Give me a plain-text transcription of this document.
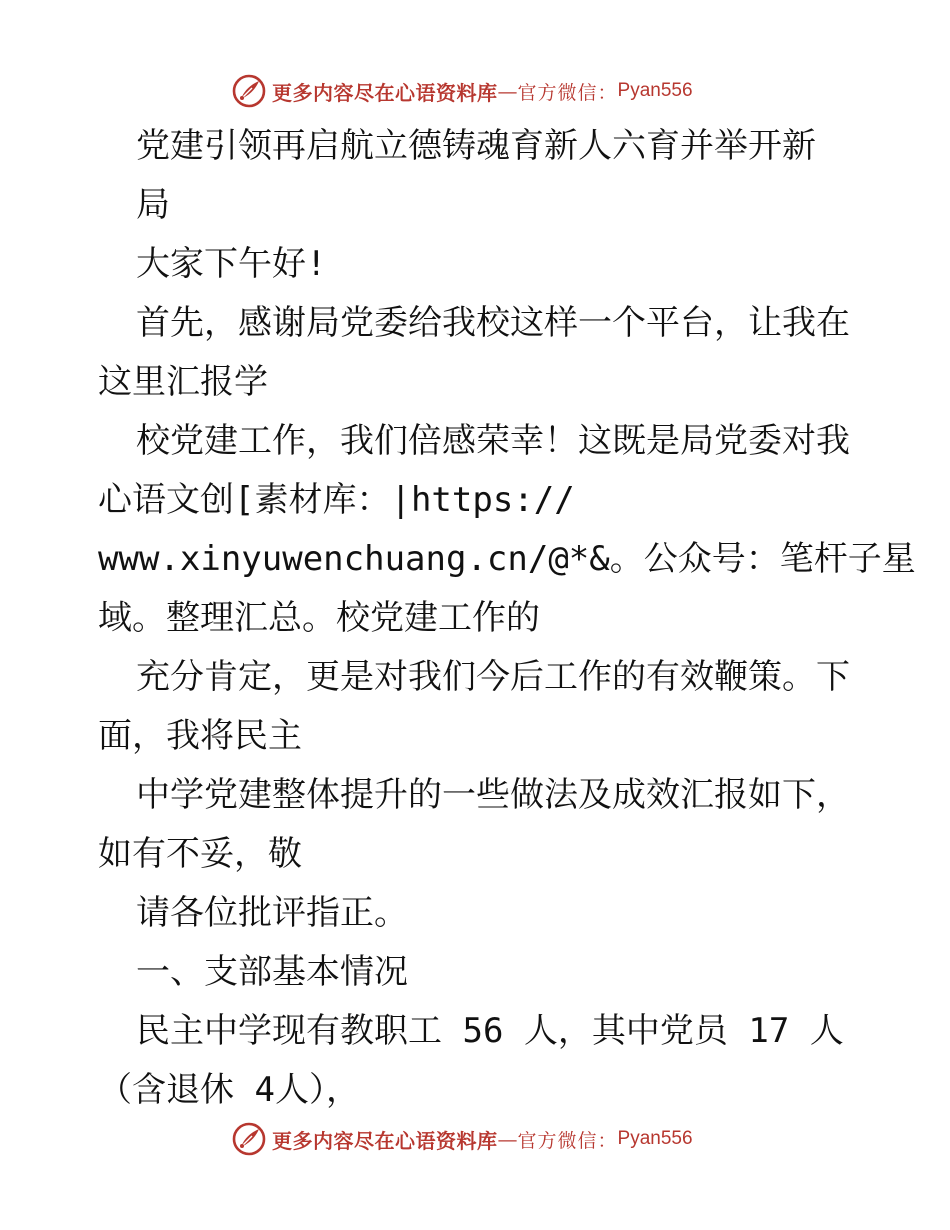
更多内容尽在心语资料库 — 官方微信： Pyan556
党建引领再启航立德铸魂育新人六育并举开新
局
大家下午好!
首先，感谢局党委给我校这样一个平台，让我在
这里汇报学
校党建工作，我们倍感荣幸！这既是局党委对我
心语文创[素材库：|https://
www.xinyuwenchuang.cn/@*&。公众号：笔杆子星
域。整理汇总。校党建工作的
充分肯定，更是对我们今后工作的有效鞭策。下
面，我将民主
中学党建整体提升的一些做法及成效汇报如下，
如有不妥，敬
请各位批评指正。
一、支部基本情况
民主中学现有教职工 56 人，其中党员 17 人
（含退休 4人），
更多内容尽在心语资料库 — 官方微信： Pyan556
